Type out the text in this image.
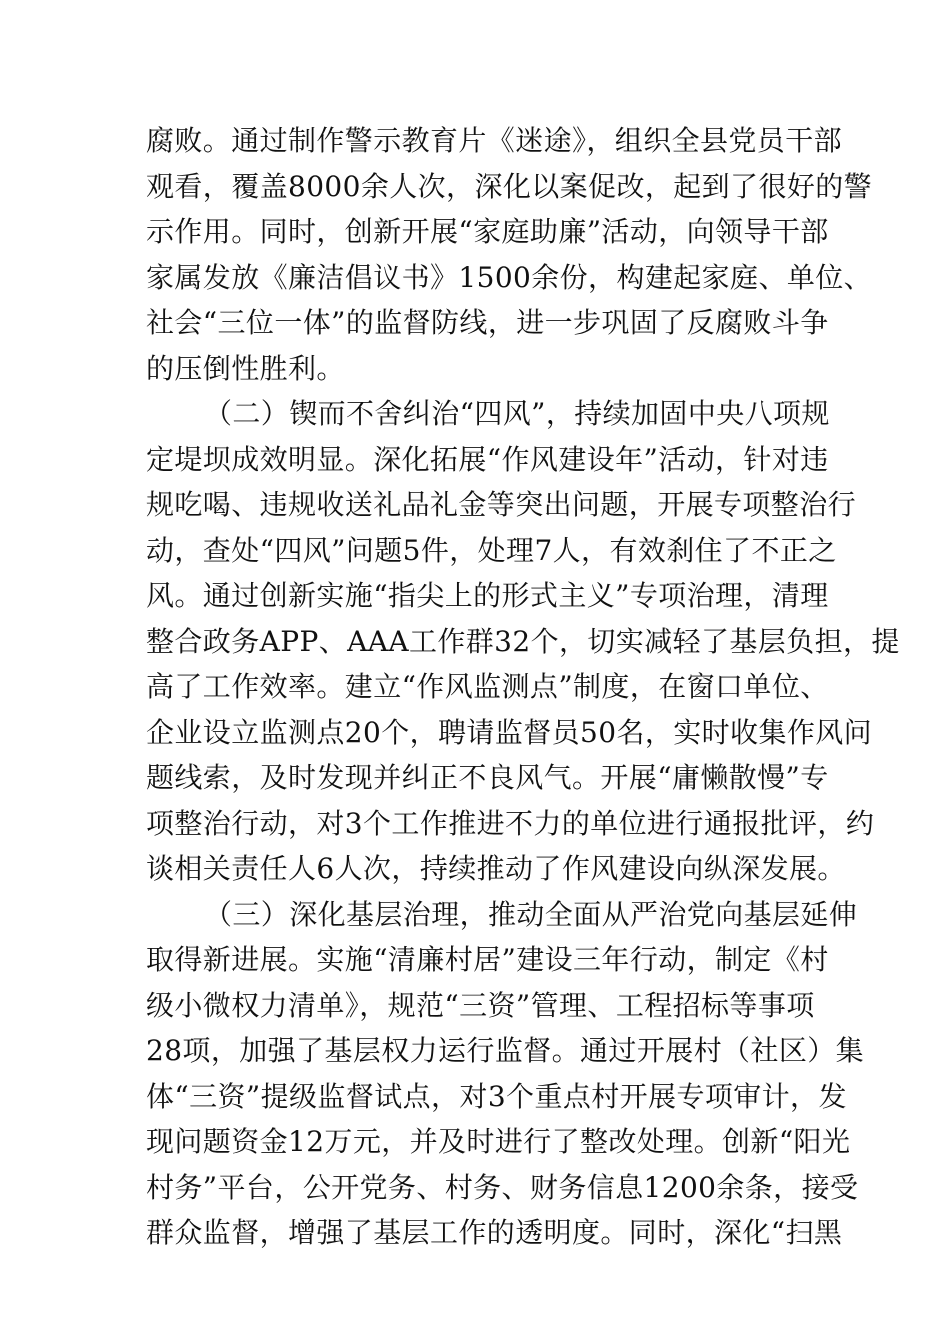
腐败。通过制作警示教育片《迷途》，组织全县党员干部
观看，覆盖8000余人次，深化以案促改，起到了很好的警
示作用。同时，创新开展“家庭助廉”活动，向领导干部
家属发放《廉洁倡议书》1500余份，构建起家庭、单位、
社会“三位一体”的监督防线，进一步巩固了反腐败斗争
的压倒性胜利。
（二）锲而不舍纠治“四风”，持续加固中央八项规
定堤坝成效明显。深化拓展“作风建设年”活动，针对违
规吃喝、违规收送礼品礼金等突出问题，开展专项整治行
动，查处“四风”问题5件，处理7人，有效刹住了不正之
风。通过创新实施“指尖上的形式主义”专项治理，清理
整合政务APP、AAA工作群32个，切实减轻了基层负担，提
高了工作效率。建立“作风监测点”制度，在窗口单位、
企业设立监测点20个，聘请监督员50名，实时收集作风问
题线索，及时发现并纠正不良风气。开展“庸懒散慢”专
项整治行动，对3个工作推进不力的单位进行通报批评，约
谈相关责任人6人次，持续推动了作风建设向纵深发展。
（三）深化基层治理，推动全面从严治党向基层延伸
取得新进展。实施“清廉村居”建设三年行动，制定《村
级小微权力清单》，规范“三资”管理、工程招标等事项
28项，加强了基层权力运行监督。通过开展村（社区）集
体“三资”提级监督试点，对3个重点村开展专项审计，发
现问题资金12万元，并及时进行了整改处理。创新“阳光
村务”平台，公开党务、村务、财务信息1200余条，接受
群众监督，增强了基层工作的透明度。同时，深化“扫黑
